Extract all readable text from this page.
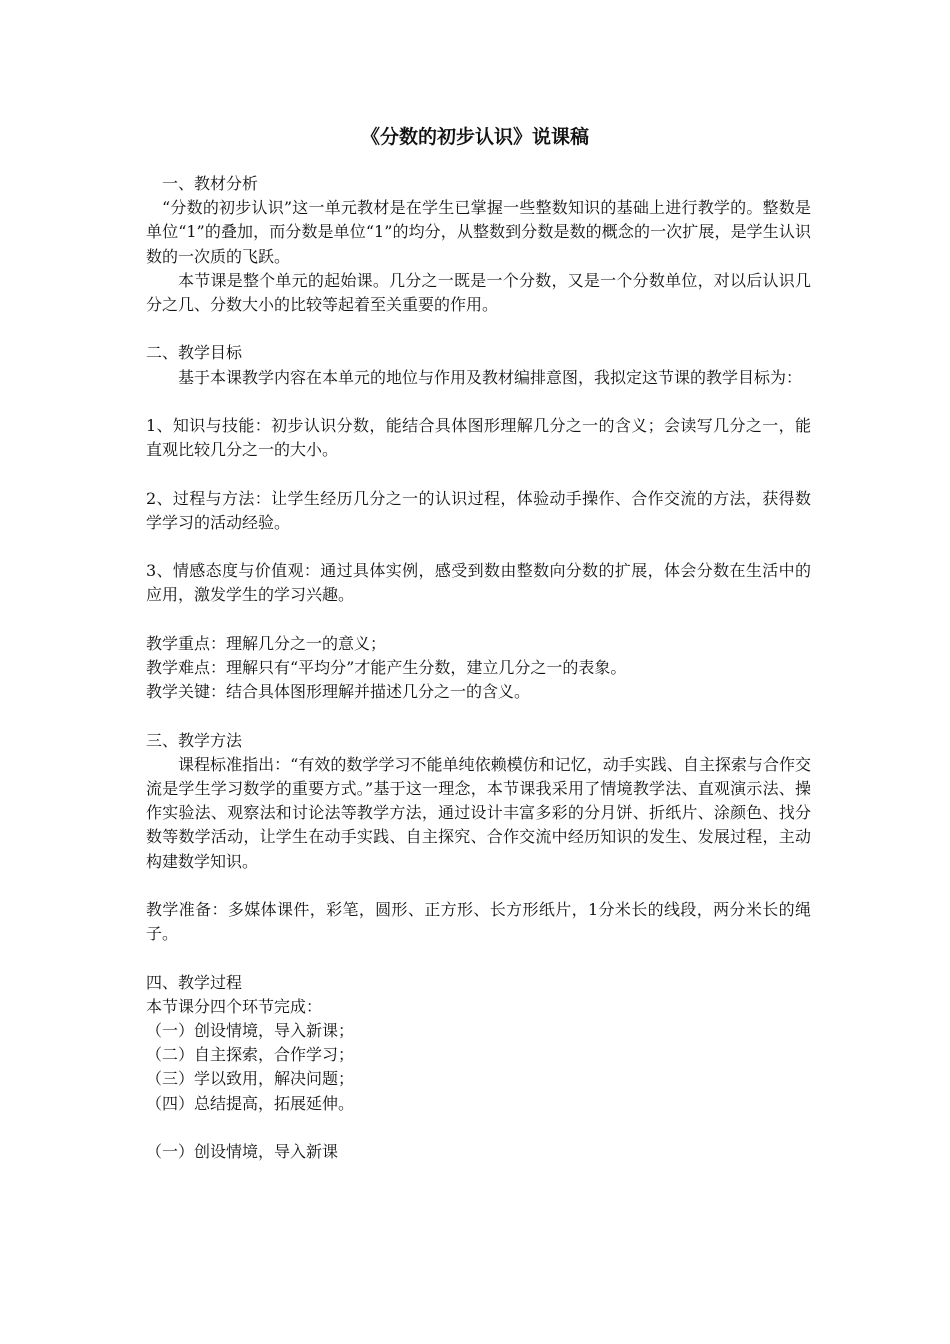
《分数的初步认识》说课稿

一、教材分析

“分数的初步认识”这一单元教材是在学生已掌握一些整数知识的基础上进行教学的。整数是单位“1”的叠加，而分数是单位“1”的均分，从整数到分数是数的概念的一次扩展，是学生认识数的一次质的飞跃。

本节课是整个单元的起始课。几分之一既是一个分数，又是一个分数单位，对以后认识几分之几、分数大小的比较等起着至关重要的作用。

二、教学目标

基于本课教学内容在本单元的地位与作用及教材编排意图，我拟定这节课的教学目标为：

1、知识与技能：初步认识分数，能结合具体图形理解几分之一的含义；会读写几分之一，能直观比较几分之一的大小。

2、过程与方法：让学生经历几分之一的认识过程，体验动手操作、合作交流的方法，获得数学学习的活动经验。

3、情感态度与价值观：通过具体实例，感受到数由整数向分数的扩展，体会分数在生活中的应用，激发学生的学习兴趣。

教学重点：理解几分之一的意义；

教学难点：理解只有“平均分”才能产生分数，建立几分之一的表象。

教学关键：结合具体图形理解并描述几分之一的含义。

三、教学方法

课程标准指出：“有效的数学学习不能单纯依赖模仿和记忆，动手实践、自主探索与合作交流是学生学习数学的重要方式。”基于这一理念，本节课我采用了情境教学法、直观演示法、操作实验法、观察法和讨论法等教学方法，通过设计丰富多彩的分月饼、折纸片、涂颜色、找分数等数学活动，让学生在动手实践、自主探究、合作交流中经历知识的发生、发展过程，主动构建数学知识。

教学准备：多媒体课件，彩笔，圆形、正方形、长方形纸片，1分米长的线段，两分米长的绳子。

四、教学过程

本节课分四个环节完成：

（一）创设情境，导入新课；

（二）自主探索，合作学习；

（三）学以致用，解决问题；

（四）总结提高，拓展延伸。

（一）创设情境，导入新课
